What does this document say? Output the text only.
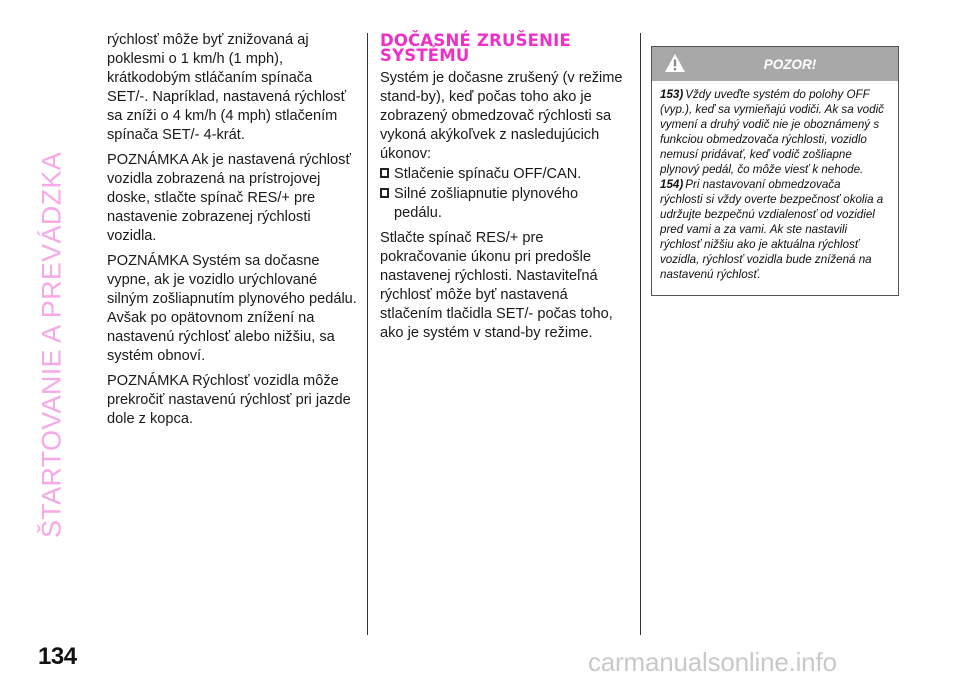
ŠTARTOVANIE A PREVÁDZKA
134

rýchlosť môže byť znižovaná aj poklesmi o 1 km/h (1 mph), krátkodobým stláčaním spínača SET/-. Napríklad, nastavená rýchlosť sa zníži o 4 km/h (4 mph) stlačením spínača SET/- 4-krát.

POZNÁMKA Ak je nastavená rýchlosť vozidla zobrazená na prístrojovej doske, stlačte spínač RES/+ pre nastavenie zobrazenej rýchlosti vozidla.

POZNÁMKA Systém sa dočasne vypne, ak je vozidlo urýchlované silným zošliapnutím plynového pedálu. Avšak po opätovnom znížení na nastavenú rýchlosť alebo nižšiu, sa systém obnoví.

POZNÁMKA Rýchlosť vozidla môže prekročiť nastavenú rýchlosť pri jazde dole z kopca.

DOČASNÉ ZRUŠENIE SYSTÉMU

Systém je dočasne zrušený (v režime stand-by), keď počas toho ako je zobrazený obmedzovač rýchlosti sa vykoná akýkoľvek z nasledujúcich úkonov:

Stlačenie spínaču OFF/CAN.
Silné zošliapnutie plynového pedálu.

Stlačte spínač RES/+ pre pokračovanie úkonu pri predošle nastavenej rýchlosti. Nastaviteľná rýchlosť môže byť nastavená stlačením tlačidla SET/- počas toho, ako je systém v stand-by režime.

POZOR!

153) Vždy uveďte systém do polohy OFF (vyp.), keď sa vymieňajú vodiči. Ak sa vodič vymení a druhý vodič nie je oboznámený s funkciou obmedzovača rýchlosti, vozidlo nemusí pridávať, keď vodič zošliapne plynový pedál, čo môže viesť k nehode.

154) Pri nastavovaní obmedzovača rýchlosti si vždy overte bezpečnosť okolia a udržujte bezpečnú vzdialenosť od vozidiel pred vami a za vami. Ak ste nastavili rýchlosť nižšiu ako je aktuálna rýchlosť vozidla, rýchlosť vozidla bude znížená na nastavenú rýchlosť.

carmanualsonline.info
